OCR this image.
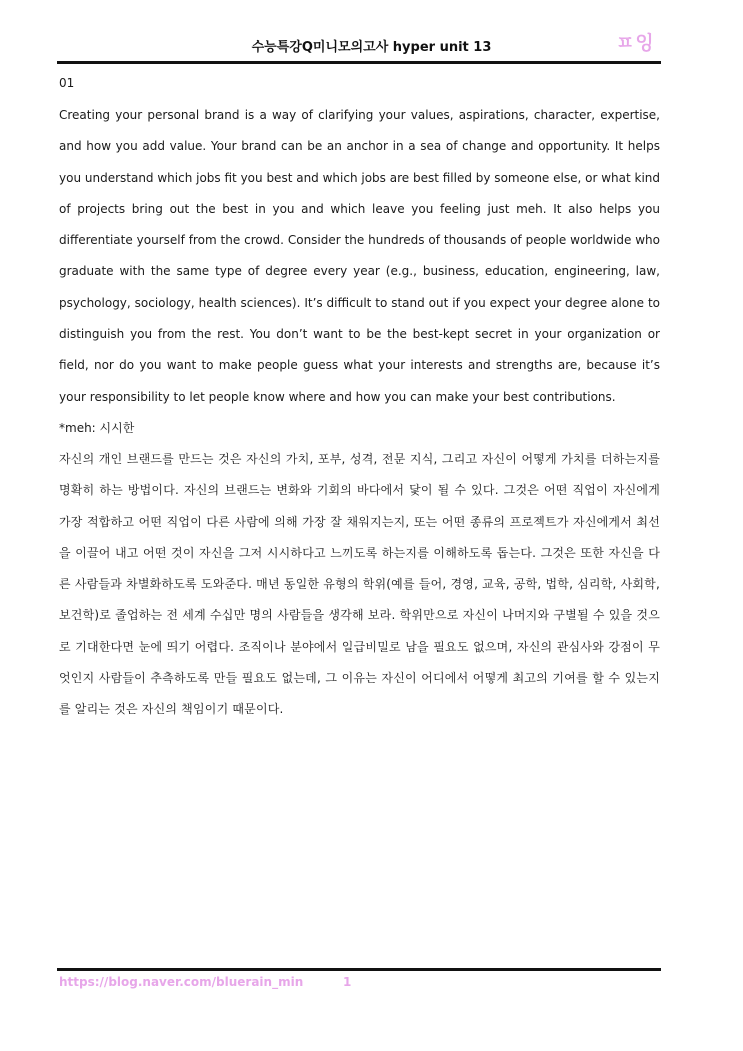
수능특강Q미니모의고사 hyper unit 13	ㅍ잉
01

Creating your personal brand is a way of clarifying your values, aspirations, character, expertise, and how you add value. Your brand can be an anchor in a sea of change and opportunity. It helps you understand which jobs fit you best and which jobs are best filled by someone else, or what kind of projects bring out the best in you and which leave you feeling just meh. It also helps you differentiate yourself from the crowd. Consider the hundreds of thousands of people worldwide who graduate with the same type of degree every year (e.g., business, education, engineering, law, psychology, sociology, health sciences). It’s difficult to stand out if you expect your degree alone to distinguish you from the rest. You don’t want to be the best-kept secret in your organization or field, nor do you want to make people guess what your interests and strengths are, because it’s your responsibility to let people know where and how you can make your best contributions.

*meh: 시시한

자신의 개인 브랜드를 만드는 것은 자신의 가치, 포부, 성격, 전문 지식, 그리고 자신이 어떻게 가치를 더하는지를 명확히 하는 방법이다. 자신의 브랜드는 변화와 기회의 바다에서 닻이 될 수 있다. 그것은 어떤 직업이 자신에게 가장 적합하고 어떤 직업이 다른 사람에 의해 가장 잘 채워지는지, 또는 어떤 종류의 프로젝트가 자신에게서 최선을 이끌어 내고 어떤 것이 자신을 그저 시시하다고 느끼도록 하는지를 이해하도록 돕는다. 그것은 또한 자신을 다른 사람들과 차별화하도록 도와준다. 매년 동일한 유형의 학위(예를 들어, 경영, 교육, 공학, 법학, 심리학, 사회학, 보건학)로 졸업하는 전 세계 수십만 명의 사람들을 생각해 보라. 학위만으로 자신이 나머지와 구별될 수 있을 것으로 기대한다면 눈에 띄기 어렵다. 조직이나 분야에서 일급비밀로 남을 필요도 없으며, 자신의 관심사와 강점이 무엇인지 사람들이 추측하도록 만들 필요도 없는데, 그 이유는 자신이 어디에서 어떻게 최고의 기여를 할 수 있는지를 알리는 것은 자신의 책임이기 때문이다.

https://blog.naver.com/bluerain_min	1
